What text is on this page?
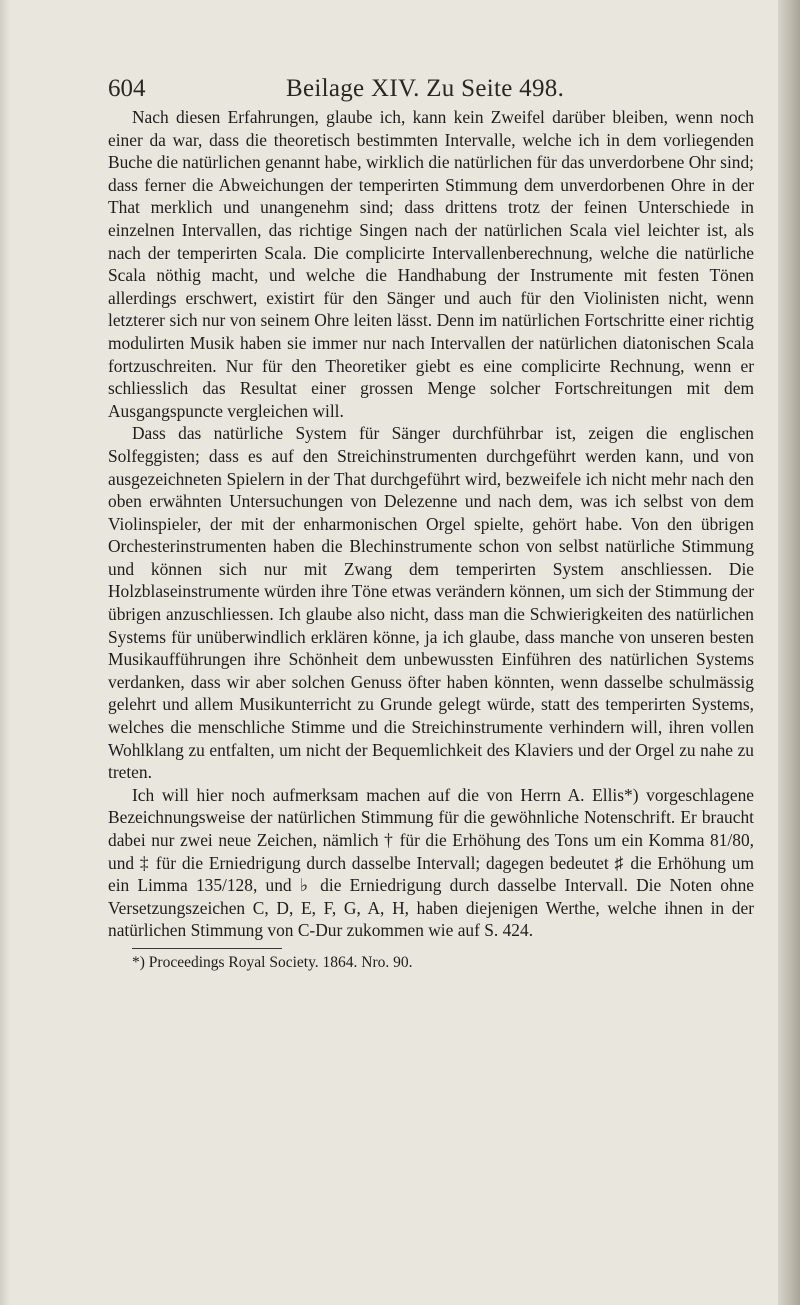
604	Beilage XIV. Zu Seite 498.

Nach diesen Erfahrungen, glaube ich, kann kein Zweifel darüber bleiben, wenn noch einer da war, dass die theoretisch bestimmten Intervalle, welche ich in dem vorliegenden Buche die natürlichen genannt habe, wirklich die natürlichen für das unverdorbene Ohr sind; dass ferner die Abweichungen der temperirten Stimmung dem unverdorbenen Ohre in der That merklich und unangenehm sind; dass drittens trotz der feinen Unterschiede in einzelnen Intervallen, das richtige Singen nach der natürlichen Scala viel leichter ist, als nach der temperirten Scala. Die complicirte Intervallenberechnung, welche die natürliche Scala nöthig macht, und welche die Handhabung der Instrumente mit festen Tönen allerdings erschwert, existirt für den Sänger und auch für den Violinisten nicht, wenn letzterer sich nur von seinem Ohre leiten lässt. Denn im natürlichen Fortschritte einer richtig modulirten Musik haben sie immer nur nach Intervallen der natürlichen diatonischen Scala fortzuschreiten. Nur für den Theoretiker giebt es eine complicirte Rechnung, wenn er schliesslich das Resultat einer grossen Menge solcher Fortschreitungen mit dem Ausgangspuncte vergleichen will.

Dass das natürliche System für Sänger durchführbar ist, zeigen die englischen Solfeggisten; dass es auf den Streichinstrumenten durchgeführt werden kann, und von ausgezeichneten Spielern in der That durchgeführt wird, bezweifele ich nicht mehr nach den oben erwähnten Untersuchungen von Delezenne und nach dem, was ich selbst von dem Violinspieler, der mit der enharmonischen Orgel spielte, gehört habe. Von den übrigen Orchesterinstrumenten haben die Blechinstrumente schon von selbst natürliche Stimmung und können sich nur mit Zwang dem temperirten System anschliessen. Die Holzblaseinstrumente würden ihre Töne etwas verändern können, um sich der Stimmung der übrigen anzuschliessen. Ich glaube also nicht, dass man die Schwierigkeiten des natürlichen Systems für unüberwindlich erklären könne, ja ich glaube, dass manche von unseren besten Musikaufführungen ihre Schönheit dem unbewussten Einführen des natürlichen Systems verdanken, dass wir aber solchen Genuss öfter haben könnten, wenn dasselbe schulmässig gelehrt und allem Musikunterricht zu Grunde gelegt würde, statt des temperirten Systems, welches die menschliche Stimme und die Streichinstrumente verhindern will, ihren vollen Wohlklang zu entfalten, um nicht der Bequemlichkeit des Klaviers und der Orgel zu nahe zu treten.

Ich will hier noch aufmerksam machen auf die von Herrn A. Ellis*) vorgeschlagene Bezeichnungsweise der natürlichen Stimmung für die gewöhnliche Notenschrift. Er braucht dabei nur zwei neue Zeichen, nämlich † für die Erhöhung des Tons um ein Komma 81/80, und ‡ für die Erniedrigung durch dasselbe Intervall; dagegen bedeutet ♯ die Erhöhung um ein Limma 135/128, und ♭ die Erniedrigung durch dasselbe Intervall. Die Noten ohne Versetzungszeichen C, D, E, F, G, A, H, haben diejenigen Werthe, welche ihnen in der natürlichen Stimmung von C-Dur zukommen wie auf S. 424.

*) Proceedings Royal Society. 1864. Nro. 90.
